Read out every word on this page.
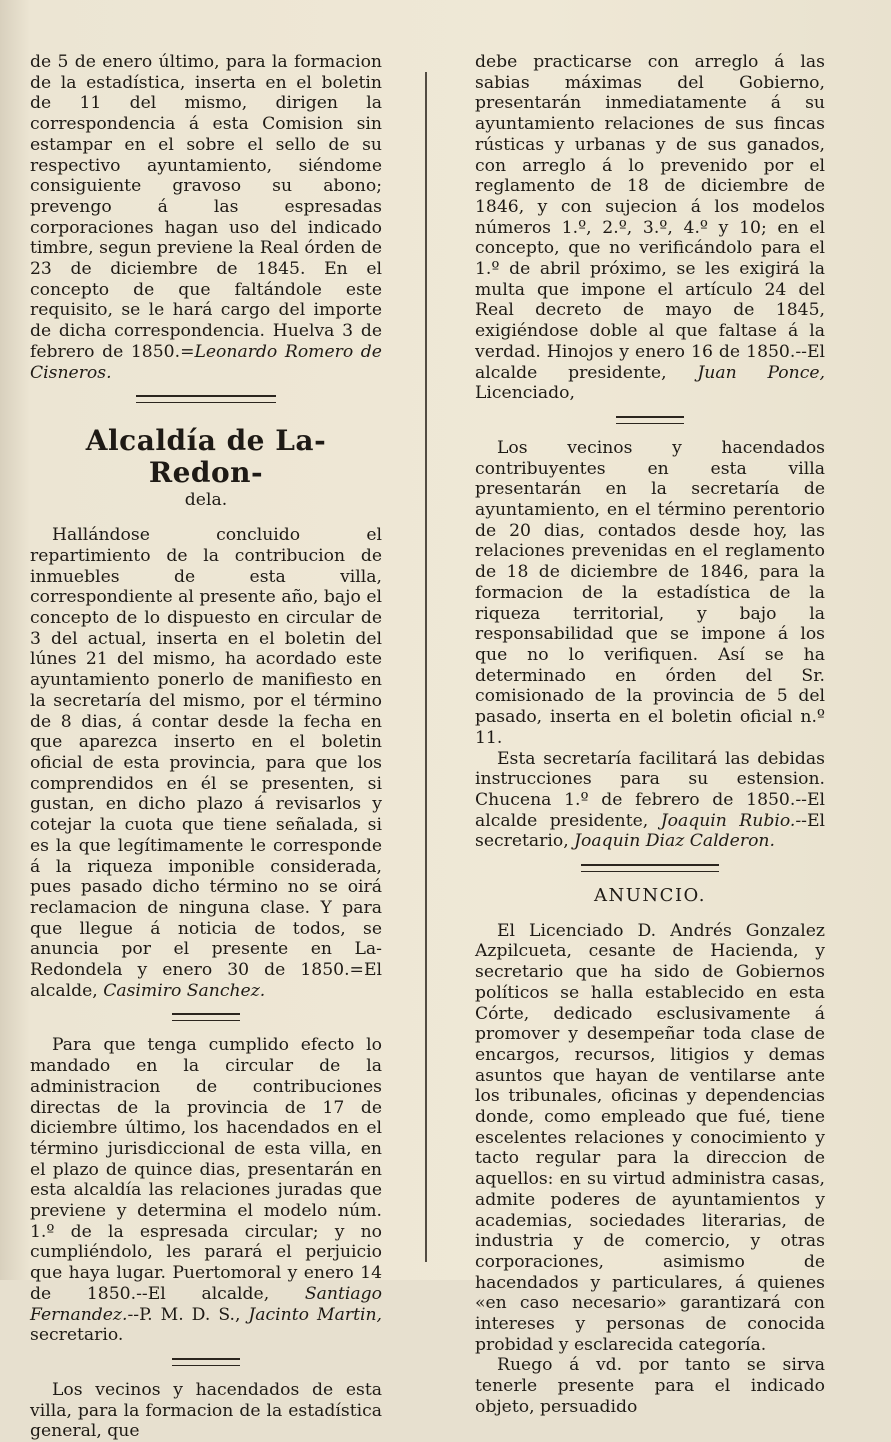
de 5 de enero último, para la formacion de la estadística, inserta en el boletin de 11 del mismo, dirigen la correspondencia á esta Comision sin estampar en el sobre el sello de su respectivo ayuntamiento, siéndome consiguiente gravoso su abono; prevengo á las espresadas corporaciones hagan uso del indicado timbre, segun previene la Real órden de 23 de diciembre de 1845. En el concepto de que faltándole este requisito, se le hará cargo del importe de dicha correspondencia. Huelva 3 de febrero de 1850.=Leonardo Romero de Cisneros.

Alcaldía de La-Redon-
dela.

Hallándose concluido el repartimiento de la contribucion de inmuebles de esta villa, correspondiente al presente año, bajo el concepto de lo dispuesto en circular de 3 del actual, inserta en el boletin del lúnes 21 del mismo, ha acordado este ayuntamiento ponerlo de manifiesto en la secretaría del mismo, por el término de 8 dias, á contar desde la fecha en que aparezca inserto en el boletin oficial de esta provincia, para que los comprendidos en él se presenten, si gustan, en dicho plazo á revisarlos y cotejar la cuota que tiene señalada, si es la que legítimamente le corresponde á la riqueza imponible considerada, pues pasado dicho término no se oirá reclamacion de ninguna clase. Y para que llegue á noticia de todos, se anuncia por el presente en La-Redondela y enero 30 de 1850.=El alcalde, Casimiro Sanchez.

Para que tenga cumplido efecto lo mandado en la circular de la administracion de contribuciones directas de la provincia de 17 de diciembre último, los hacendados en el término jurisdiccional de esta villa, en el plazo de quince dias, presentarán en esta alcaldía las relaciones juradas que previene y determina el modelo núm. 1.º de la espresada circular; y no cumpliéndolo, les parará el perjuicio que haya lugar. Puertomoral y enero 14 de 1850.--El alcalde, Santiago Fernandez.--P. M. D. S., Jacinto Martin, secretario.

Los vecinos y hacendados de esta villa, para la formacion de la estadística general, que

debe practicarse con arreglo á las sabias máximas del Gobierno, presentarán inmediatamente á su ayuntamiento relaciones de sus fincas rústicas y urbanas y de sus ganados, con arreglo á lo prevenido por el reglamento de 18 de diciembre de 1846, y con sujecion á los modelos números 1.º, 2.º, 3.º, 4.º y 10; en el concepto, que no verificándolo para el 1.º de abril próximo, se les exigirá la multa que impone el artículo 24 del Real decreto de mayo de 1845, exigiéndose doble al que faltase á la verdad. Hinojos y enero 16 de 1850.--El alcalde presidente, Juan Ponce, Licenciado,

Los vecinos y hacendados contribuyentes en esta villa presentarán en la secretaría de ayuntamiento, en el término perentorio de 20 dias, contados desde hoy, las relaciones prevenidas en el reglamento de 18 de diciembre de 1846, para la formacion de la estadística de la riqueza territorial, y bajo la responsabilidad que se impone á los que no lo verifiquen. Así se ha determinado en órden del Sr. comisionado de la provincia de 5 del pasado, inserta en el boletin oficial n.º 11.

Esta secretaría facilitará las debidas instrucciones para su estension. Chucena 1.º de febrero de 1850.--El alcalde presidente, Joaquin Rubio.--El secretario, Joaquin Diaz Calderon.

ANUNCIO.

El Licenciado D. Andrés Gonzalez Azpilcueta, cesante de Hacienda, y secretario que ha sido de Gobiernos políticos se halla establecido en esta Córte, dedicado esclusivamente á promover y desempeñar toda clase de encargos, recursos, litigios y demas asuntos que hayan de ventilarse ante los tribunales, oficinas y dependencias donde, como empleado que fué, tiene escelentes relaciones y conocimiento y tacto regular para la direccion de aquellos: en su virtud administra casas, admite poderes de ayuntamientos y academias, sociedades literarias, de industria y de comercio, y otras corporaciones, asimismo de hacendados y particulares, á quienes «en caso necesario» garantizará con intereses y personas de conocida probidad y esclarecida categoría.

Ruego á vd. por tanto se sirva tenerle presente para el indicado objeto, persuadido
